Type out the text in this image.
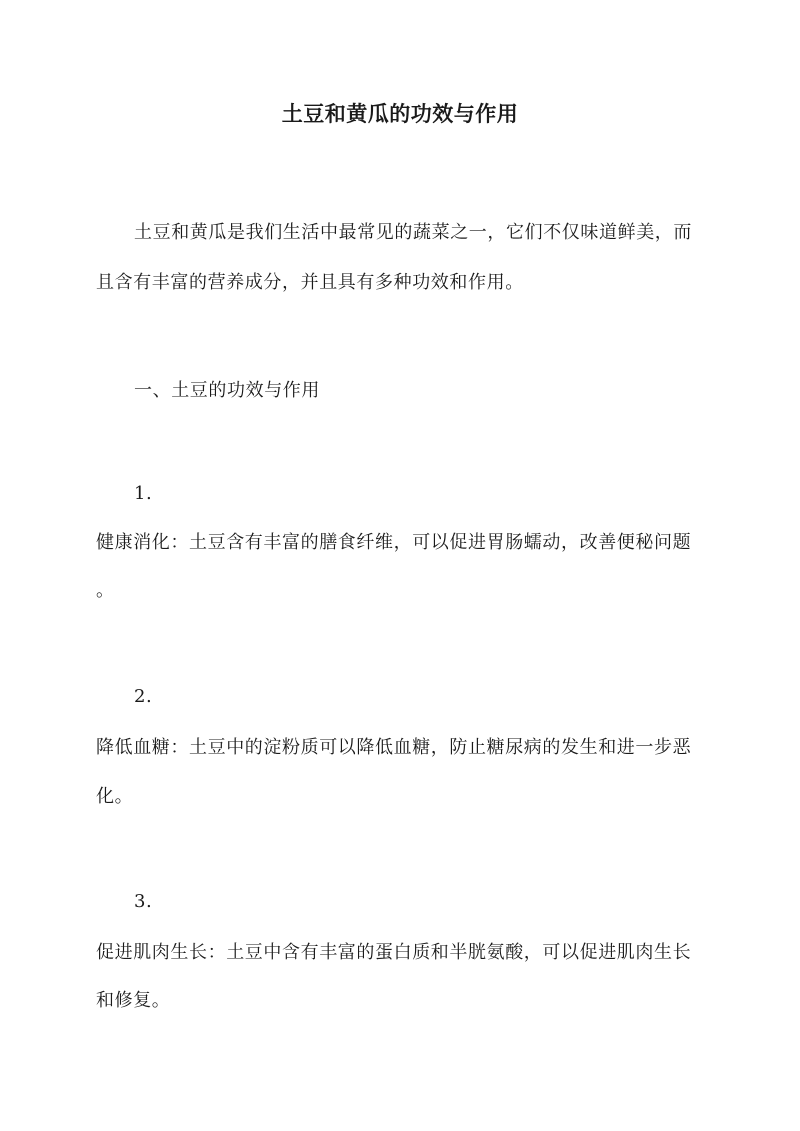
土豆和黄瓜的功效与作用
土豆和黄瓜是我们生活中最常见的蔬菜之一，它们不仅味道鲜美，而
且含有丰富的营养成分，并且具有多种功效和作用。
一、土豆的功效与作用
1.
健康消化：土豆含有丰富的膳食纤维，可以促进胃肠蠕动，改善便秘问题
。
2.
降低血糖：土豆中的淀粉质可以降低血糖，防止糖尿病的发生和进一步恶
化。
3.
促进肌肉生长：土豆中含有丰富的蛋白质和半胱氨酸，可以促进肌肉生长
和修复。
